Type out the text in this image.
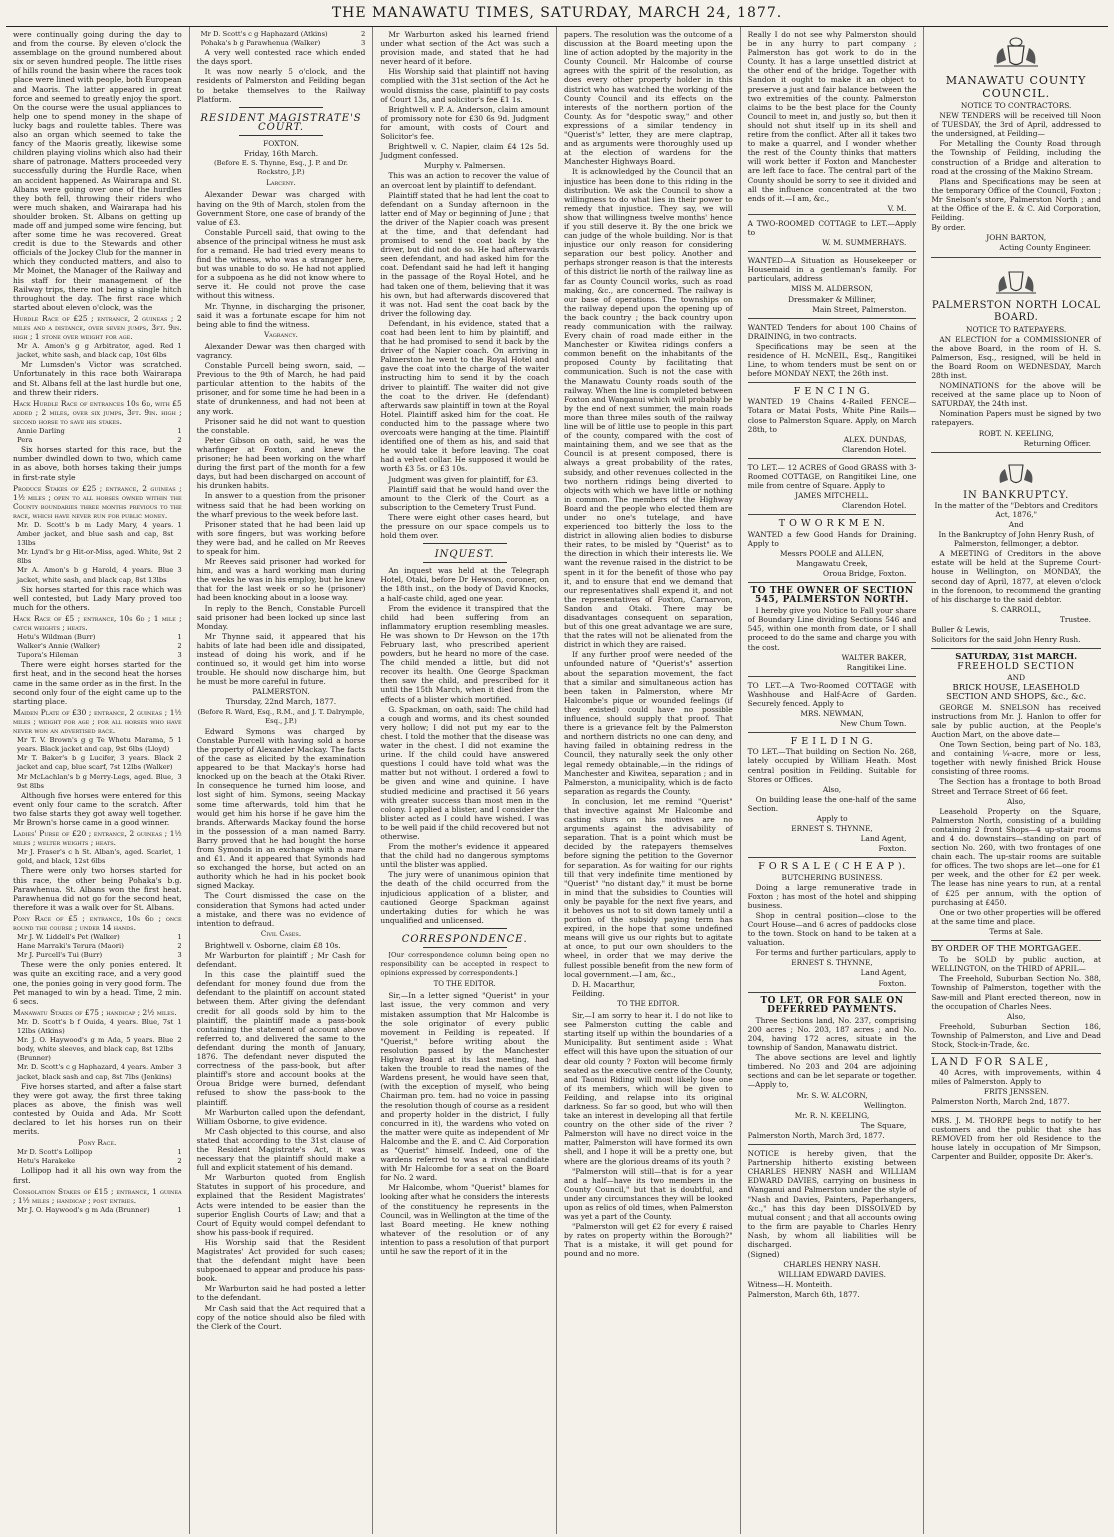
THE MANAWATU TIMES, SATURDAY, MARCH 24, 1877.

were continually going during the day to and from the course. By eleven o'clock the assemblage on the ground numbered about six or seven hundred people. The little rises of hills round the basin where the races took place were lined with people, both European and Maoris. The latter appeared in great force and seemed to greatly enjoy the sport. On the course were the usual appliances to help one to spend money in the shape of lucky bags and roulette tables. There was also an organ which seemed to take the fancy of the Maoris greatly, likewise some children playing violins which also had their share of patronage. Matters proceeded very successfully during the Hurdle Race, when an accident happened. As Wairarapa and St. Albans were going over one of the hurdles they both fell, throwing their riders who were much shaken, and Wairarapa had his shoulder broken. St. Albans on getting up made off and jumped some wire fencing, but after some time he was recovered. Great credit is due to the Stewards and other officials of the Jockey Club for the manner in which they conducted matters, and also to Mr Moinet, the Manager of the Railway and his staff for their management of the Railway trips, there not being a single hitch throughout the day. The first race which started about eleven o'clock, was the

Hurdle Race of £25 ; entrance, 2 guineas ; 2 miles and a distance, over seven jumps, 3ft. 9in. high ; 1 stone over weight for age.

Mr A. Amon's g g Arbitrator, aged. Red jacket, white sash, and black cap, 10st 6lbs
1

Mr Lumsden's Victor was scratched. Unfortunately in this race both Wairarapa and St. Albans fell at the last hurdle but one, and threw their riders.

Hack Hurdle Race of entrances 10s 6d, with £5 added ; 2 miles, over six jumps, 3ft. 9in. high ; second horse to save his stakes.

Annie Darling	1
Pera	2

Six horses started for this race, but the number dwindled down to two, which came in as above, both horses taking their jumps in first-rate style

Produce Stakes of £25 ; entrance, 2 guineas ; 1½ miles ; open to all horses owned within the County boundaries three months previous to the race, which have never run for public money.

Mr. D. Scott's b m Lady Mary, 4 years. Amber jacket, and blue sash and cap, 8st 13lbs
1
Mr. Lynd's br g Hit-or-Miss, aged. White, 9st 8lbs
2
Mr A. Amon's b g Harold, 4 years. Blue jacket, white sash, and black cap, 8st 13lbs
3

Six horses started for this race which was well contested, but Lady Mary proved too much for the others.

Hack Race of £5 ; entrance, 10s 6d ; 1 mile ; catch weights ; heats.

Hetu's Wildman (Burr)	1
Walker's Annie (Walker)	2
Tupora's Hileman	3

There were eight horses started for the first heat, and in the second heat the horses came in the same order as in the first. In the second only four of the eight came up to the starting place.

Maiden Plate of £30 ; entrance, 2 guineas ; 1½ miles ; weight for age ; for all horses who have never won an advertised race.

Mr T. V. Brown's g g Te Whetu Marama, 5 years. Black jacket and cap, 9st 6lbs (Lloyd)
1
Mr T. Baker's b g Lucifer, 3 years. Black jacket and cap, blue scarf, 7st 12lbs (Walker)
2
Mr McLachlan's b g Merry-Legs, aged. Blue, 9st 8lbs
3

Although five horses were entered for this event only four came to the scratch. After two false starts they got away well together. Mr Brown's horse came in a good winner.

Ladies' Purse of £20 ; entrance, 2 guineas ; 1½ miles ; welter weights ; heats.

Mr J. Fraser's c h St. Alban's, aged. Scarlet, gold, and black, 12st 6lbs
1

There were only two horses started for this race, the other being Pohaka's b.g. Parawhenua. St. Albans won the first heat. Parawhenua did not go for the second heat, therefore it was a walk over for St. Albans.

Pony Race of £5 ; entrance, 10s 6d ; once round the course ; under 14 hands.

Mr J. W. Liddell's Pet (Walker)	1
Hane Marraki's Terura (Maori)	2
Mr J. Purcell's Tui (Burr)	3

These were the only ponies entered. It was quite an exciting race, and a very good one, the ponies going in very good form. The Pet managed to win by a head. Time, 2 min. 6 secs.

Manawatu Stakes of £75 ; handicap ; 2½ miles.

Mr. D. Scott's b f Ouida, 4 years. Blue, 7st 12lbs (Atkins)
1
Mr. J. O. Haywood's g m Ada, 5 years. Blue body, white sleeves, and black cap, 8st 12lbs (Brunner)
2
Mr. D. Scott's c g Haphazard, 4 years. Amber jacket, black sash and cap, 8st 7lbs (Jenkins)
3

Five horses started, and after a false start they were got away, the first three taking places as above, the finish was well contested by Ouida and Ada. Mr Scott declared to let his horses run on their merits.

Pony Race.

Mr D. Scott's Lollipop	1
Hetu's Harakeke	2

Lollipop had it all his own way from the first.

Consolation Stakes of £15 ; entrance, 1 guinea ; 1½ miles ; handicap ; post entries.

Mr J. O. Haywood's g m Ada (Brunner)	1
Mr D. Scott's c g Haphazard (Atkins)	2
Pohaka's b g Parawhenua (Walker)	3

A very well contested race which ended the days sport.

It was now nearly 5 o'clock, and the residents of Palmerston and Feilding began to betake themselves to the Railway Platform.

RESIDENT MAGISTRATE'S COURT.

FOXTON.

Friday, 16th March.

(Before E. S. Thynne, Esq., J. P. and Dr. Rockstro, J.P.)

Larceny.

Alexander Dewar was charged with having on the 9th of March, stolen from the Government Store, one case of brandy of the value of £3.

Constable Purcell said, that owing to the absence of the principal witness he must ask for a remand. He had tried every means to find the witness, who was a stranger here, but was unable to do so. He had not applied for a subpoena as he did not know where to serve it. He could not prove the case without this witness.

Mr. Thynne, in discharging the prisoner, said it was a fortunate escape for him not being able to find the witness.

Vagrancy.

Alexander Dewar was then charged with vagrancy.

Constable Purcell being sworn, said, —Previous to the 9th of March, he had paid particular attention to the habits of the prisoner, and for some time he had been in a state of drunkenness, and had not been at any work.

Prisoner said he did not want to question the constable.

Peter Gibson on oath, said, he was the wharfinger at Foxton, and knew the prisoner; he had been working on the wharf during the first part of the month for a few days, but had been discharged on account of his drunken habits.

In answer to a question from the prisoner witness said that he had been working on the wharf previous to the week before last.

Prisoner stated that he had been laid up with sore fingers, but was working before they were bad, and he called on Mr Reeves to speak for him.

Mr Reeves said prisoner had worked for him, and was a hard working man during the weeks he was in his employ, but he knew that for the last week or so he (prisoner) had been knocking about in a loose way.

In reply to the Bench, Constable Purcell said prisoner had been locked up since last Monday.

Mr Thynne said, it appeared that his habits of late had been idle and dissipated, instead of doing his work, and if he continued so, it would get him into worse trouble. He should now discharge him, but he must be more careful in future.

PALMERSTON.

Thursday, 22nd March, 1877.

(Before R. Ward, Esq., R.M., and J. T. Dalrymple, Esq., J.P.)

Edward Symons was charged by Constable Purcell with having sold a horse the property of Alexander Mackay. The facts of the case as elicited by the examination appeared to be that Mackay's horse had knocked up on the beach at the Otaki River. In consequence he turned him loose, and lost sight of him. Symons, seeing Mackay some time afterwards, told him that he would get him his horse if he gave him the brands. Afterwards Mackay found the horse in the possession of a man named Barry. Barry proved that he had bought the horse from Symonds in an exchange with a mare and £1. And it appeared that Symonds had so exchanged the horse, but acted on an authority which he had in his pocket book signed Mackay.

The Court dismissed the case on the consideration that Symons had acted under a mistake, and there was no evidence of intention to defraud.

Civil Cases.

Brightwell v. Osborne, claim £8 10s.

Mr Warburton for plaintiff ; Mr Cash for defendant.

In this case the plaintiff sued the defendant for money found due from the defendant to the plaintiff on account stated between them. After giving the defendant credit for all goods sold by him to the plaintiff, the plaintiff made a pass-book containing the statement of account above referred to, and delivered the same to the defendant during the month of January, 1876. The defendant never disputed the correctness of the pass-book, but after plaintiff's store and account books at the Oroua Bridge were burned, defendant refused to show the pass-book to the plaintiff.

Mr Warburton called upon the defendant, William Osborne, to give evidence.

Mr Cash objected to this course, and also stated that according to the 31st clause of the Resident Magistrate's Act, it was necessary that the plaintiff should make a full and explicit statement of his demand.

Mr Warburton quoted from English Statutes in support of his procedure, and explained that the Resident Magistrates' Acts were intended to be easier than the superior English Courts of Law; and that a Court of Equity would compel defendant to show his pass-book if required.

His Worship said that the Resident Magistrates' Act provided for such cases; that the defendant might have been subpoenaed to appear and produce his pass-book.

Mr Warburton said he had posted a letter to the defendant.

Mr Cash said that the Act required that a copy of the notice should also be filed with the Clerk of the Court.

Mr Warburton asked his learned friend under what section of the Act was such a provision made, and stated that he had never heard of it before.

His Worship said that plaintiff not having complied with the 31st section of the Act he would dismiss the case, plaintiff to pay costs of Court 13s, and solicitor's fee £1 1s.

Brightwell v. P. A. Anderson, claim amount of promissory note for £30 6s 9d. Judgment for amount, with costs of Court and Solicitor's fee.

Brightwell v. C. Napier, claim £4 12s 5d. Judgment confessed.

Murphy v. Palmersen.

This was an action to recover the value of an overcoat lent by plaintiff to defendant.

Plaintiff stated that he had lent the coat to defendant on a Sunday afternoon in the latter end of May or beginning of June ; that the driver of the Napier coach was present at the time, and that defendant had promised to send the coat back by the driver, but did not do so. He had afterwards seen defendant, and had asked him for the coat. Defendant said he had left it hanging in the passage of the Royal Hotel, and he had taken one of them, believing that it was his own, but had afterwards discovered that it was not. Had sent the coat back by the driver the following day.

Defendant, in his evidence, stated that a coat had been lent to him by plaintiff, and that he had promised to send it back by the driver of the Napier coach. On arriving in Palmerston he went to the Royal Hotel and gave the coat into the charge of the waiter instructing him to send it by the coach driver to plaintiff. The waiter did not give the coat to the driver. He (defendant) afterwards saw plaintiff in town at the Royal Hotel. Plaintiff asked him for the coat. He conducted him to the passage where two overcoats were hanging at the time. Plaintiff identified one of them as his, and said that he would take it before leaving. The coat had a velvet collar. He supposed it would be worth £3 5s. or £3 10s.

Judgment was given for plaintiff, for £3.

Plaintiff said that he would hand over the amount to the Clerk of the Court as a subscription to the Cemetery Trust Fund.

There were eight other cases heard, but the pressure on our space compels us to hold them over.

INQUEST.

An inquest was held at the Telegraph Hotel, Otaki, before Dr Hewson, coroner, on the 18th inst., on the body of David Knocks, a half-caste child, aged one year.

From the evidence it transpired that the child had been suffering from an inflammatory eruption resembling measles. He was shown to Dr Hewson on the 17th February last, who prescribed aperient powders, but he heard no more of the case. The child mended a little, but did not recover its health. One George Spackman then saw the child, and prescribed for it until the 15th March, when it died from the effects of a blister which mortified.

G. Spackman, on oath, said: The child had a cough and worms, and its chest sounded very hollow; I did not put my ear to the chest. I told the mother that the disease was water in the chest. I did not examine the urine. If the child could have answered questions I could have told what was the matter but not without. I ordered a fowl to be given and wine and quinine. I have studied medicine and practised it 56 years with greater success than most men in the colony. I applied a blister, and I consider the blister acted as I could have wished. I was to be well paid if the child recovered but not otherwise.

From the mother's evidence it appeared that the child had no dangerous symptoms until the blister was applied.

The jury were of unanimous opinion that the death of the child occurred from the injudicious application of a blister, and cautioned George Spackman against undertaking duties for which he was unqualified and unlicensed.

CORRESPONDENCE.

[Our correspondence column being open no responsibility can be accepted in respect to opinions expressed by correspondents.]

TO THE EDITOR.

Sir,—In a letter signed "Querist" in your last issue, the very common and very mistaken assumption that Mr Halcombe is the sole originator of every public movement in Feilding is repeated. If "Querist," before writing about the resolution passed by the Manchester Highway Board at its last meeting, had taken the trouble to read the names of the Wardens present, he would have seen that, (with the exception of myself, who being Chairman pro. tem. had no voice in passing the resolution though of course as a resident and property holder in the district, I fully concurred in it), the wardens who voted on the matter were quite as independent of Mr Halcombe and the E. and C. Aid Corporation as "Querist" himself. Indeed, one of the wardens referred to was a rival candidate with Mr Halcombe for a seat on the Board for No. 2 ward.

Mr Halcombe, whom "Querist" blames for looking after what he considers the interests of the constituency he represents in the Council, was in Wellington at the time of the last Board meeting. He knew nothing whatever of the resolution or of any intention to pass a resolution of that purport until he saw the report of it in the

papers. The resolution was the outcome of a discussion at the Board meeting upon the line of action adopted by the majority in the County Council. Mr Halcombe of course agrees with the spirit of the resolution, as does every other property holder in this district who has watched the working of the County Council and its effects on the interests of the northern portion of the County. As for "despotic sway," and other expressions of a similar tendency in "Querist's" letter, they are mere claptrap, and as arguments were thoroughly used up at the election of wardens for the Manchester Highways Board.

It is acknowledged by the Council that an injustice has been done to this riding in the distribution. We ask the Council to show a willingness to do what lies in their power to remedy that injustice. They say, we will show that willingness twelve months' hence if you still deserve it. By the one brick we can judge of the whole building. Nor is that injustice our only reason for considering separation our best policy. Another and perhaps stronger reason is that the interests of this district lie north of the railway line as far as County Council works, such as road making, &c., are concerned. The railway is our base of operations. The townships on the railway depend upon the opening up of the back country ; the back country upon ready communication with the railway. Every chain of road made either in the Manchester or Kiwitea ridings confers a common benefit on the inhabitants of the proposed County by facilitating that communication. Such is not the case with the Manawatu County roads south of the railway. When the line is completed between Foxton and Wanganui which will probably be by the end of next summer, the main roads more than three miles south of the railway line will be of little use to people in this part of the county, compared with the cost of maintaining them, and we see that as the Council is at present composed, there is always a great probability of the rates, subsidy, and other revenues collected in the two northern ridings being diverted to objects with which we have little or nothing in common. The members of the Highway Board and the people who elected them are under no one's tutelage, and have experienced too bitterly the loss to the district in allowing alien bodies to disburse their rates, to be misled by "Querist" as to the direction in which their interests lie. We want the revenue raised in the district to be spent in it for the benefit of those who pay it, and to ensure that end we demand that our representatives shall expend it, and not the representatives of Foxton, Carnarvon, Sandon and Otaki. There may be disadvantages consequent on separation, but of this one great advantage we are sure, that the rates will not be alienated from the district in which they are raised.

If any further proof were needed of the unfounded nature of "Querist's" assertion about the separation movement, the fact that a similar and simultaneous action has been taken in Palmerston, where Mr Halcombe's pique or wounded feelings (if they existed) could have no possible influence, should supply that proof. That there is a grievance felt by the Palmerston and northern districts no one can deny, and having failed in obtaining redress in the Council, they naturally seek the only other legal remedy obtainable,—in the ridings of Manchester and Kiwitea, separation ; and in Palmerston, a municipality, which is de facto separation as regards the County.

In conclusion, let me remind "Querist" that invective against Mr Halcombe and casting slurs on his motives are no arguments against the advisability of separation. That is a point which must be decided by the ratepayers themselves before signing the petition to the Governor for separation. As for waiting for our rights till that very indefinite time mentioned by "Querist" "no distant day," it must be borne in mind that the subsidies to Counties will only be payable for the next five years, and it behoves us not to sit down tamely until a portion of the subsidy paying term has expired, in the hope that some undefined means will give us our rights but to agitate at once, to put our own shoulders to the wheel, in order that we may derive the fullest possible benefit from the new form of local government.—I am, &c.,

D. H. Macarthur,

Feilding.

TO THE EDITOR.

Sir,—I am sorry to hear it. I do not like to see Palmerston cutting the cable and starting itself up within the boundaries of a Municipality. But sentiment aside : What effect will this have upon the situation of our dear old county ? Foxton will become firmly seated as the executive centre of the County, and Taonui Riding will most likely lose one of its members, which will be given to Feilding, and relapse into its original darkness. So far so good, but who will then take an interest in developing all that fertile country on the other side of the river ? Palmerston will have no direct voice in the matter, Palmerston will have formed its own shell, and I hope it will be a pretty one, but where are the glorious dreams of its youth ?

"Palmerston will still—that is for a year and a half—have its two members in the County Council," but that is doubtful, and under any circumstances they will be looked upon as relics of old times, when Palmerston was yet a part of the County.

"Palmerston will get £2 for every £ raised by rates on property within the Borough?" That is a mistake, it will get pound for pound and no more.

Really I do not see why Palmerston should be in any hurry to part company ; Palmerston has got work to do in the County. It has a large unsettled district at the other end of the bridge. Together with Sandon it ought to make it an object to preserve a just and fair balance between the two extremities of the county. Palmerston claims to be the best place for the County Council to meet in, and justly so, but then it should not shut itself up in its shell and retire from the conflict. After all it takes two to make a quarrel, and I wonder whether the rest of the County thinks that matters will work better if Foxton and Manchester are left face to face. The central part of the County should be sorry to see it divided and all the influence concentrated at the two ends of it.—I am, &c.,

V. M.

A TWO-ROOMED COTTAGE to LET.—Apply to

W. M. SUMMERHAYS.

WANTED—A Situation as Housekeeper or Housemaid in a gentleman's family. For particulars, address

MISS M. ALDERSON,

Dressmaker & Milliner,

Main Street, Palmerston.

WANTED Tenders for about 100 Chains of DRAINING, in two contracts.

Specifications may be seen at the residence of H. McNEIL, Esq., Rangitikei Line, to whom tenders must be sent on or before MONDAY NEXT, the 26th inst.

F E N C I N G.

WANTED 19 Chains 4-Railed FENCE—Totara or Matai Posts, White Pine Rails—close to Palmerston Square. Apply, on March 28th, to

ALEX. DUNDAS,

Clarendon Hotel.

TO LET.— 12 ACRES of Good GRASS with 3-Roomed COTTAGE, on Rangitikei Line, one mile from centre of Square. Apply to

JAMES MITCHELL.

Clarendon Hotel.

T O W O R K M E N.

WANTED a few Good Hands for Draining. Apply to

Messrs POOLE and ALLEN,

Mangawatu Creek,

Oroua Bridge, Foxton.

TO THE OWNER OF SECTION 545, PALMERSTON NORTH.

I hereby give you Notice to Fall your share of Boundary Line dividing Sections 546 and 545, within one month from date, or I shall proceed to do the same and charge you with the cost.

WALTER BAKER,

Rangitikei Line.

TO LET.—A Two-Roomed COTTAGE with Washhouse and Half-Acre of Garden. Securely fenced. Apply to

MRS. NEWMAN,

New Chum Town.

F E I L D I N G.

TO LET.—That building on Section No. 268, lately occupied by William Heath. Most central position in Feilding. Suitable for Stores or Offices.

Also,

On building lease the one-half of the same Section.

Apply to

ERNEST S. THYNNE,

Land Agent,

Foxton.

F O R S A L E ( C H E A P ).

BUTCHERING BUSINESS.

Doing a large remunerative trade in Foxton ; has most of the hotel and shipping business.

Shop in central position—close to the Court House—and 6 acres of paddocks close to the town. Stock on hand to be taken at a valuation.

For terms and further particulars, apply to

ERNEST S. THYNNE,

Land Agent,

Foxton.

TO LET, OR FOR SALE ON DEFERRED PAYMENTS.

Three Sections land, No. 237, comprising 200 acres ; No. 203, 187 acres ; and No. 204, having 172 acres, situate in the township of Sandon, Manawatu district.

The above sections are level and lightly timbered. No 203 and 204 are adjoining sections and can be let separate or together.—Apply to,

Mr. S. W. ALCORN,

Wellington.

Mr. R. N. KEELING,

The Square,

Palmerston North, March 3rd, 1877.

NOTICE is hereby given, that the Partnership hitherto existing between CHARLES HENRY NASH and WILLIAM EDWARD DAVIES, carrying on business in Wanganui and Palmerston under the style of "Nash and Davies, Painters, Paperhangers, &c.," has this day been DISSOLVED by mutual consent ; and that all accounts owing to the firm are payable to Charles Henry Nash, by whom all liabilities will be discharged.

(Signed)

CHARLES HENRY NASH.

WILLIAM EDWARD DAVIES.

Witness—H. Monteith.

Palmerston, March 6th, 1877.

MANAWATU COUNTY COUNCIL.

NOTICE TO CONTRACTORS.

NEW TENDERS will be received till Noon of TUESDAY, the 3rd of April, addressed to the undersigned, at Feilding—

For Metalling the County Road through the Township of Feilding, including the construction of a Bridge and alteration to road at the crossing of the Makino Stream.

Plans and Specifications may be seen at the temporary Office of the Council, Foxton ; Mr Snelson's store, Palmerston North ; and at the Office of the E. & C. Aid Corporation, Feilding.

By order.

JOHN BARTON,

Acting County Engineer.

PALMERSTON NORTH LOCAL BOARD.

NOTICE TO RATEPAYERS.

AN ELECTION for a COMMISSIONER of the above Board, in the room of H. S. Palmerson, Esq., resigned, will be held in the Board Room on WEDNESDAY, March 28th inst.

NOMINATIONS for the above will be received at the same place up to Noon of SATURDAY, the 24th inst.

Nomination Papers must be signed by two ratepayers.

ROBT. N. KEELING,

Returning Officer.

IN BANKRUPTCY.

In the matter of the "Debtors and Creditors Act, 1876,"

And

In the Bankruptcy of John Henry Rush, of Palmerston, fellmonger, a debtor.

A MEETING of Creditors in the above estate will be held at the Supreme Court-house in Wellington, on MONDAY, the second day of April, 1877, at eleven o'clock in the forenoon, to recommend the granting of his discharge to the said debtor.

S. CARROLL,

Trustee.

Buller & Lewis,

Solicitors for the said John Henry Rush.

SATURDAY, 31st MARCH.

FREEHOLD SECTION

AND

BRICK HOUSE, LEASEHOLD SECTION AND SHOPS, &c., &c.

GEORGE M. SNELSON has received instructions from Mr. J. Hanlon to offer for sale by public auction, at the People's Auction Mart, on the above date—

One Town Section, being part of No. 183, and containing ¼-acre, more or less, together with newly finished Brick House consisting of three rooms.

The Section has a frontage to both Broad Street and Terrace Street of 66 feet.

Also,

Leasehold Property on the Square, Palmerston North, consisting of a building containing 2 front Shops—4 up-stair rooms and 4 do. downstairs—standing on part of section No. 260, with two frontages of one chain each. The up-stair rooms are suitable for offices. The two shops are let—one for £1 per week, and the other for £2 per week. The lease has nine years to run, at a rental of £25 per annum, with the option of purchasing at £450.

One or two other properties will be offered at the same time and place.

Terms at Sale.

BY ORDER OF THE MORTGAGEE.

To be SOLD by public auction, at WELLINGTON, on the THIRD of APRIL—

The Freehold, Suburban Section No. 388, Township of Palmerston, together with the Saw-mill and Plant erected thereon, now in the occupation of Charles Nees.

Also,

Freehold, Suburban Section 186, Township of Palmerston, and Live and Dead Stock, Stock-in-Trade, &c.

LAND FOR SALE,

40 Acres, with improvements, within 4 miles of Palmerston. Apply to

FRITS JENSSEN.

Palmerston North, March 2nd, 1877.

MRS. J. M. THORPE begs to notify to her customers and the public that she has REMOVED from her old Residence to the house lately in occupation of Mr Simpson, Carpenter and Builder, opposite Dr. Aker's.
